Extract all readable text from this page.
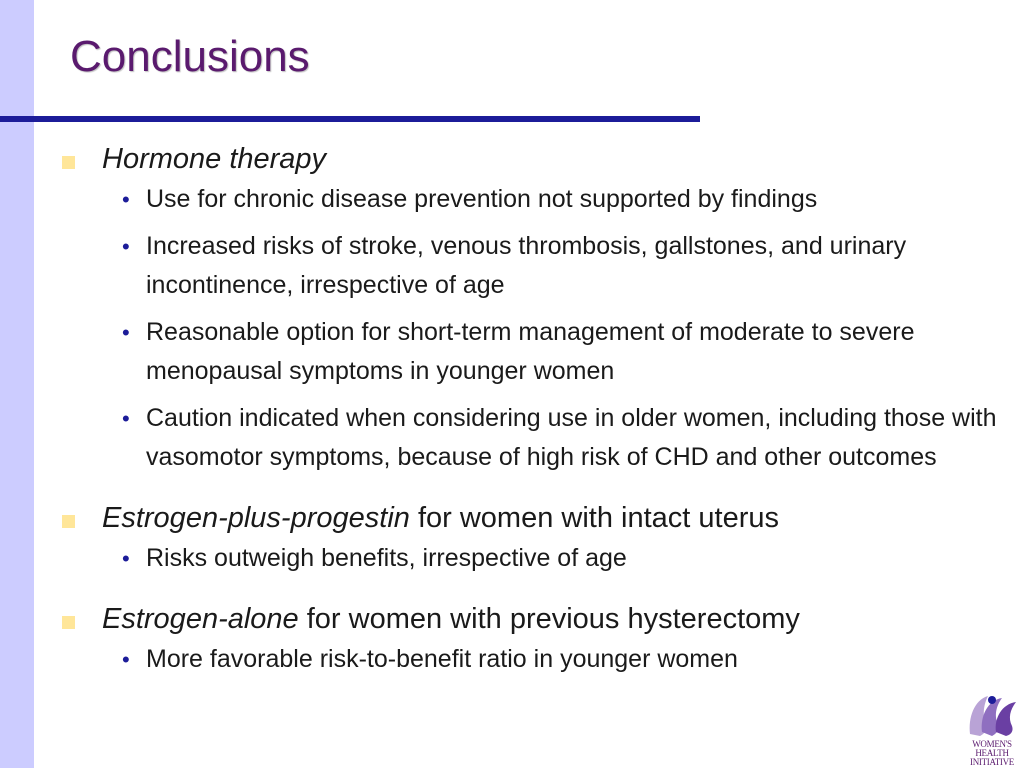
Conclusions
Hormone therapy
• Use for chronic disease prevention not supported by findings
• Increased risks of stroke, venous thrombosis, gallstones, and urinary incontinence, irrespective of age
• Reasonable option for short-term management of moderate to severe menopausal symptoms in younger women
• Caution indicated when considering use in older women, including those with vasomotor symptoms, because of high risk of CHD and other outcomes
Estrogen-plus-progestin for women with intact uterus
• Risks outweigh benefits, irrespective of age
Estrogen-alone for women with previous hysterectomy
• More favorable risk-to-benefit ratio in younger women
WOMEN'S
HEALTH
INITIATIVE
